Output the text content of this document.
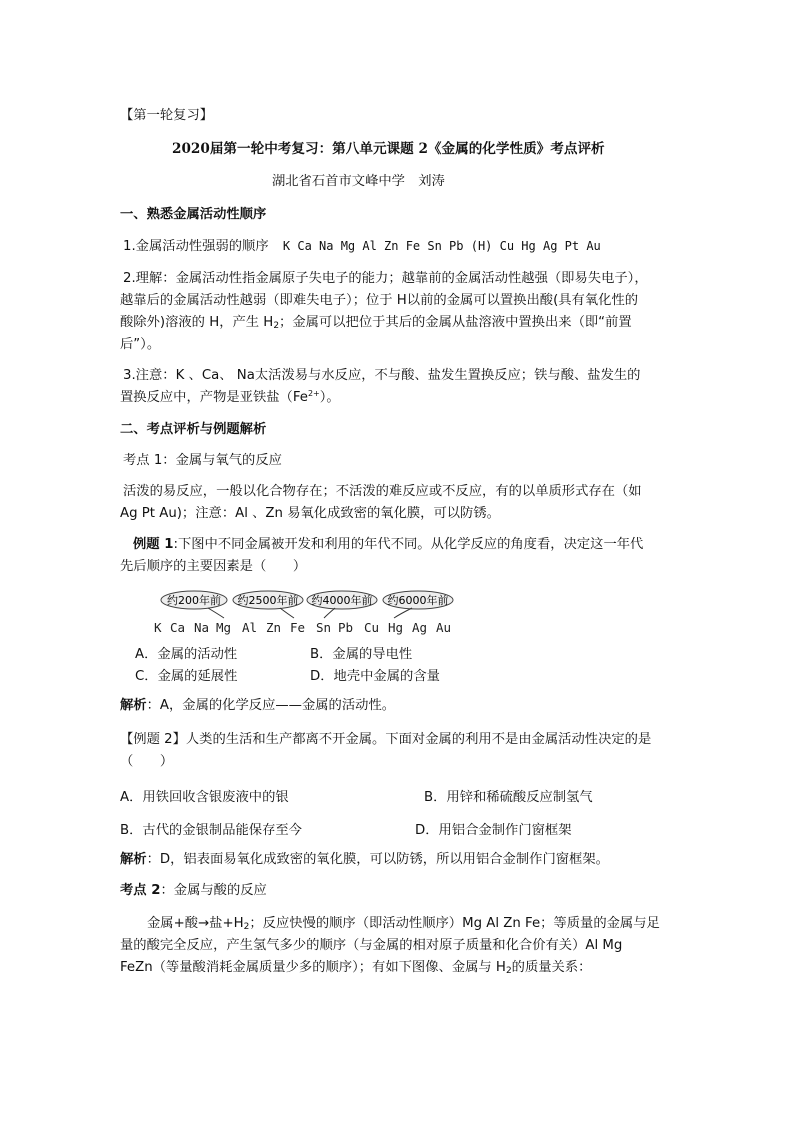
【第一轮复习】
2020届第一轮中考复习：第八单元课题 2《金属的化学性质》考点评析
湖北省石首市文峰中学　刘涛
一、熟悉金属活动性顺序
1.金属活动性强弱的顺序 K Ca Na Mg Al Zn Fe Sn Pb (H) Cu Hg Ag Pt Au
2.理解：金属活动性指金属原子失电子的能力；越靠前的金属活动性越强（即易失电子），
越靠后的金属活动性越弱（即难失电子）；位于 H以前的金属可以置换出酸(具有氧化性的
酸除外)溶液的 H，产生 $H_2$；金属可以把位于其后的金属从盐溶液中置换出来（即“前置
后”）。
3.注意：K 、Ca、 Na太活泼易与水反应，不与酸、盐发生置换反应；铁与酸、盐发生的
置换反应中，产物是亚铁盐$(Fe^{2+})$。
二、考点评析与例题解析
考点 1：金属与氧气的反应
活泼的易反应，一般以化合物存在；不活泼的难反应或不反应，有的以单质形式存在（如
Ag Pt Au)；注意：Al 、Zn 易氧化成致密的氧化膜，可以防锈。
例题 1:下图中不同金属被开发和利用的年代不同。从化学反应的角度看，决定这一年代
先后顺序的主要因素是（　　）
约200年前 约2500年前 约4000年前 约6000年前
K Ca Na Mg Al Zn Fe Sn Pb Cu Hg Ag Au
A．金属的活动性	B．金属的导电性
C．金属的延展性	D．地壳中金属的含量
解析：A，金属的化学反应——金属的活动性。
【例题 2】人类的生活和生产都离不开金属。下面对金属的利用不是由金属活动性决定的是
（　　）
A．用铁回收含银废液中的银	B．用锌和稀硫酸反应制氢气
B．古代的金银制品能保存至今	D．用铝合金制作门窗框架
解析：D，铝表面易氧化成致密的氧化膜，可以防锈，所以用铝合金制作门窗框架。
考点 2：金属与酸的反应
金属+酸→盐$+H_2$；反应快慢的顺序（即活动性顺序）Mg Al Zn Fe；等质量的金属与足
量的酸完全反应，产生氢气多少的顺序（与金属的相对原子质量和化合价有关）Al Mg
FeZn（等量酸消耗金属质量少多的顺序）；有如下图像、金属与 $H_2$的质量关系：
